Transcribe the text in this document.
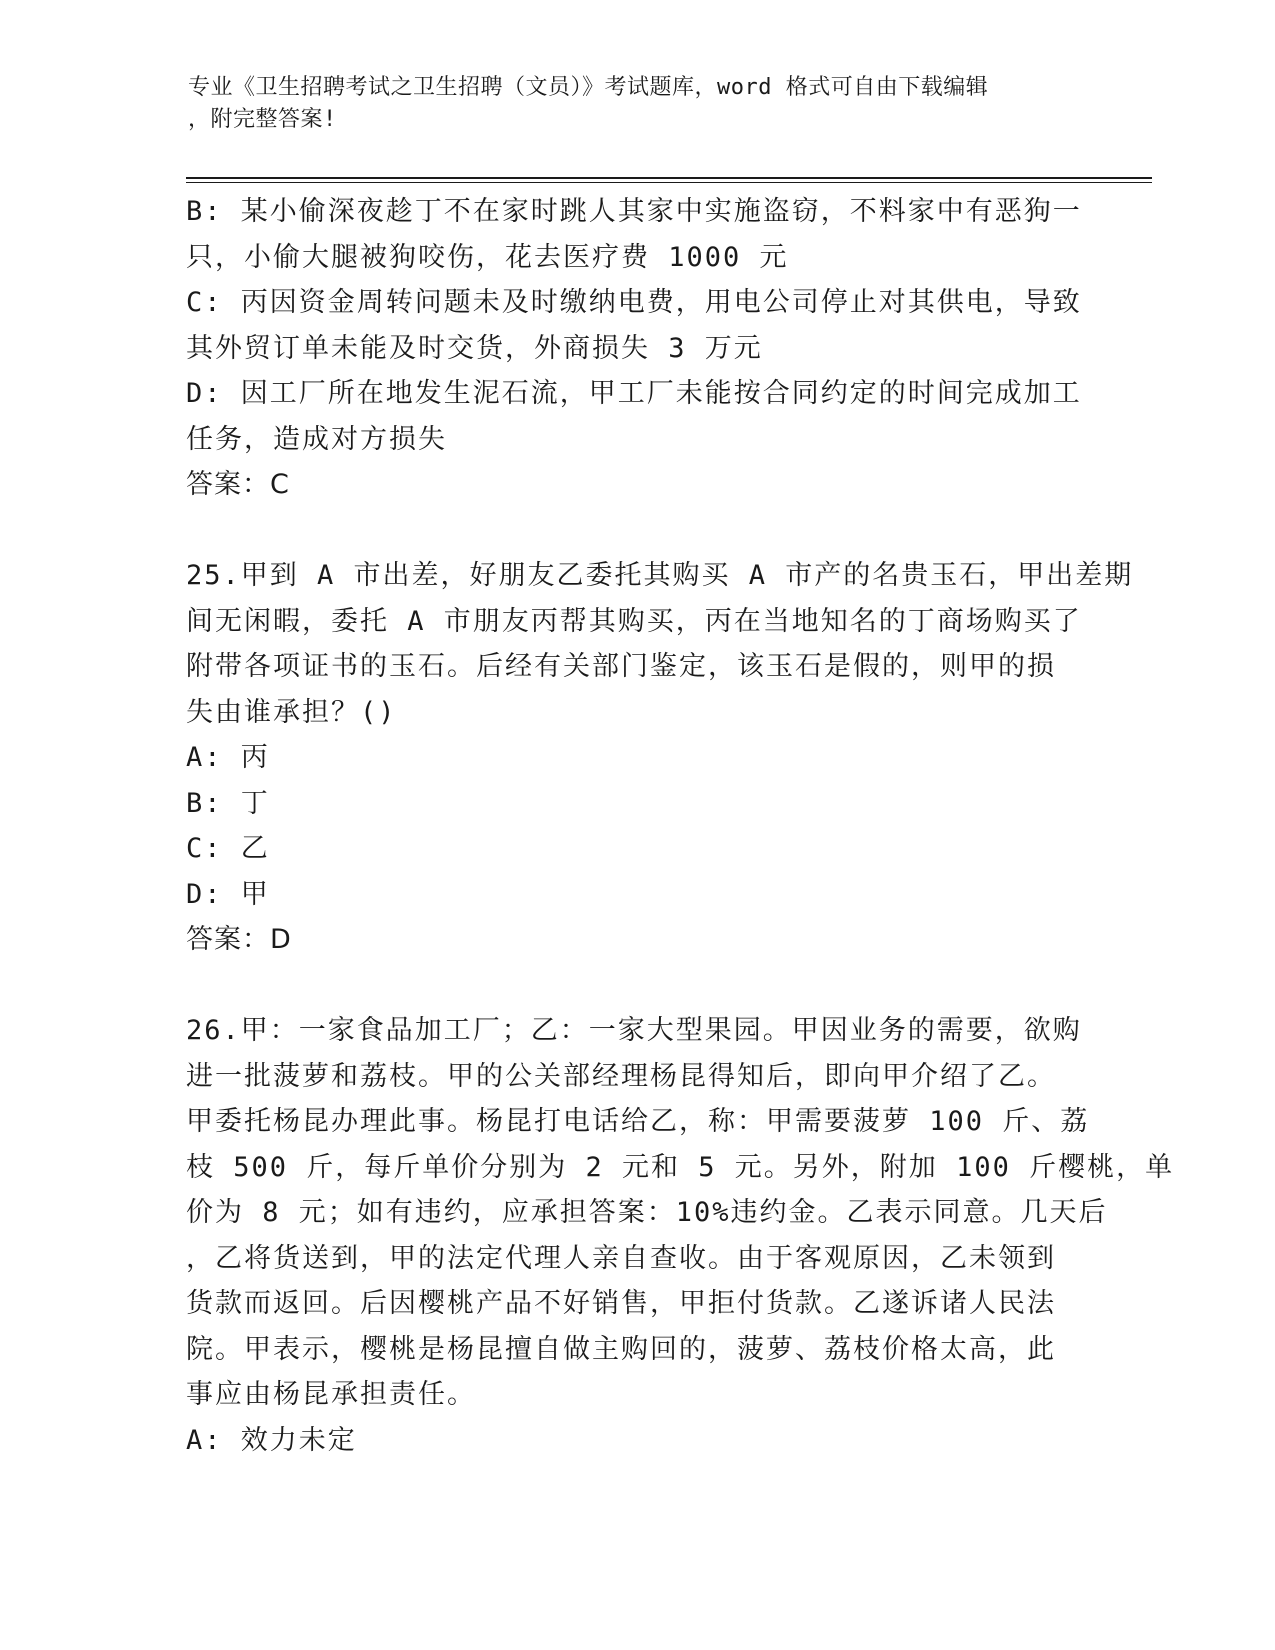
专业《卫生招聘考试之卫生招聘（文员）》考试题库，word 格式可自由下载编辑
，附完整答案!
B: 某小偷深夜趁丁不在家时跳人其家中实施盗窃，不料家中有恶狗一
只，小偷大腿被狗咬伤，花去医疗费 1000 元
C: 丙因资金周转问题未及时缴纳电费，用电公司停止对其供电，导致
其外贸订单未能及时交货，外商损失 3 万元
D: 因工厂所在地发生泥石流，甲工厂未能按合同约定的时间完成加工
任务，造成对方损失
答案：C
25.甲到 A 市出差，好朋友乙委托其购买 A 市产的名贵玉石，甲出差期
间无闲暇，委托 A 市朋友丙帮其购买，丙在当地知名的丁商场购买了
附带各项证书的玉石。后经有关部门鉴定，该玉石是假的，则甲的损
失由谁承担？()
A: 丙
B: 丁
C: 乙
D: 甲
答案：D
26.甲：一家食品加工厂；乙：一家大型果园。甲因业务的需要，欲购
进一批菠萝和荔枝。甲的公关部经理杨昆得知后，即向甲介绍了乙。
甲委托杨昆办理此事。杨昆打电话给乙，称：甲需要菠萝 100 斤、荔
枝 500 斤，每斤单价分别为 2 元和 5 元。另外，附加 100 斤樱桃，单
价为 8 元；如有违约，应承担答案：10%违约金。乙表示同意。几天后
，乙将货送到，甲的法定代理人亲自查收。由于客观原因，乙未领到
货款而返回。后因樱桃产品不好销售，甲拒付货款。乙遂诉诸人民法
院。甲表示，樱桃是杨昆擅自做主购回的，菠萝、荔枝价格太高，此
事应由杨昆承担责任。
A: 效力未定
